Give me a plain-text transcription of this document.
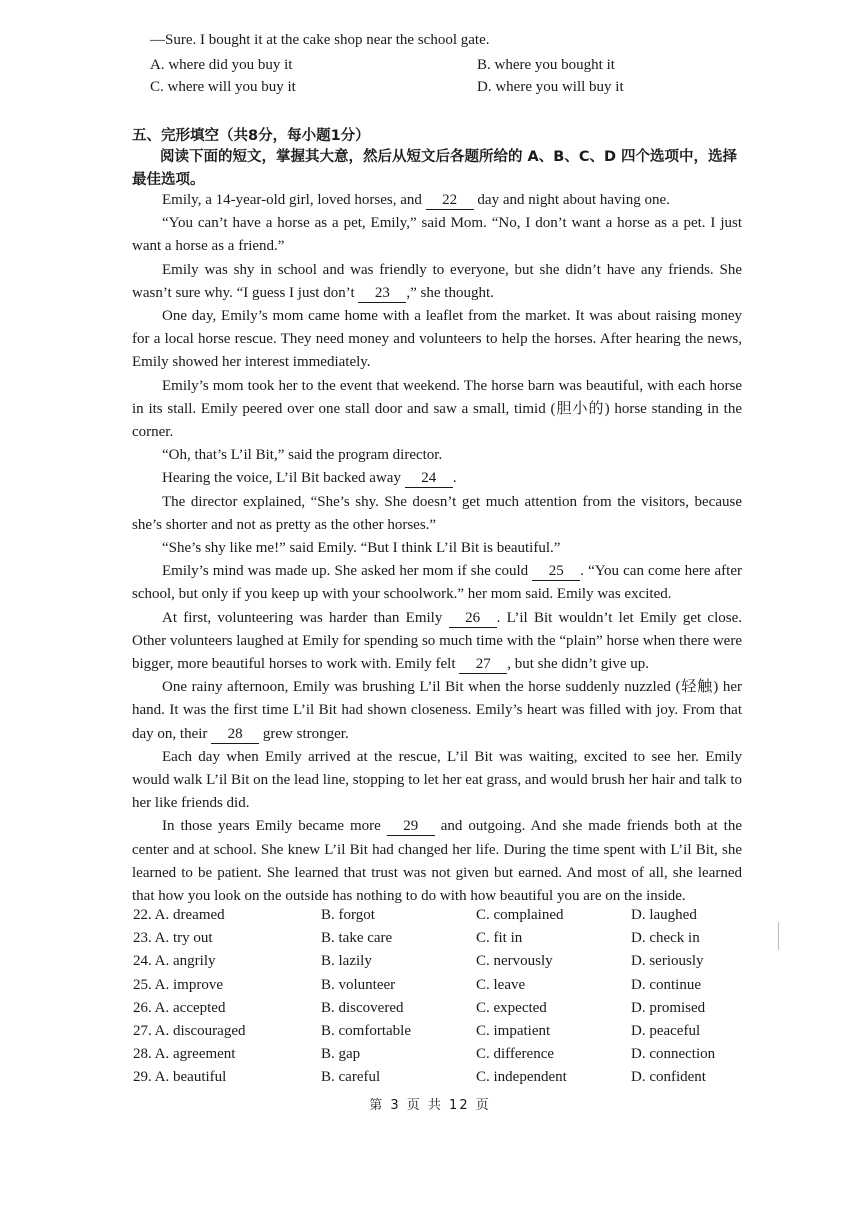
—Sure. I bought it at the cake shop near the school gate.
A. where did you buy it	B. where you bought it
C. where will you buy it	D. where you will buy it
五、完形填空（共8分，每小题1分）
阅读下面的短文，掌握其大意，然后从短文后各题所给的 A、B、C、D 四个选项中，选择最佳选项。

Emily, a 14-year-old girl, loved horses, and 22 day and night about having one.

“You can’t have a horse as a pet, Emily,” said Mom. “No, I don’t want a horse as a pet. I just want a horse as a friend.”

Emily was shy in school and was friendly to everyone, but she didn’t have any friends. She wasn’t sure why. “I guess I just don’t 23 ,” she thought.

One day, Emily’s mom came home with a leaflet from the market. It was about raising money for a local horse rescue. They need money and volunteers to help the horses. After hearing the news, Emily showed her interest immediately.

Emily’s mom took her to the event that weekend. The horse barn was beautiful, with each horse in its stall. Emily peered over one stall door and saw a small, timid (胆小的) horse standing in the corner.

“Oh, that’s L’il Bit,” said the program director.

Hearing the voice, L’il Bit backed away 24 .

The director explained, “She’s shy. She doesn’t get much attention from the visitors, because she’s shorter and not as pretty as the other horses.”

“She’s shy like me!” said Emily. “But I think L’il Bit is beautiful.”

Emily’s mind was made up. She asked her mom if she could 25 . “You can come here after school, but only if you keep up with your schoolwork.” her mom said. Emily was excited.

At first, volunteering was harder than Emily 26 . L’il Bit wouldn’t let Emily get close. Other volunteers laughed at Emily for spending so much time with the “plain” horse when there were bigger, more beautiful horses to work with. Emily felt 27 , but she didn’t give up.

One rainy afternoon, Emily was brushing L’il Bit when the horse suddenly nuzzled (轻触) her hand. It was the first time L’il Bit had shown closeness. Emily’s heart was filled with joy. From that day on, their 28 grew stronger.

Each day when Emily arrived at the rescue, L’il Bit was waiting, excited to see her. Emily would walk L’il Bit on the lead line, stopping to let her eat grass, and would brush her hair and talk to her like friends did.

In those years Emily became more 29 and outgoing. And she made friends both at the center and at school. She knew L’il Bit had changed her life. During the time spent with L’il Bit, she learned to be patient. She learned that trust was not given but earned. And most of all, she learned that how you look on the outside has nothing to do with how beautiful you are on the inside.

22. A. dreamed	B. forgot	C. complained	D. laughed
23. A. try out	B. take care	C. fit in	D. check in
24. A. angrily	B. lazily	C. nervously	D. seriously
25. A. improve	B. volunteer	C. leave	D. continue
26. A. accepted	B. discovered	C. expected	D. promised
27. A. discouraged	B. comfortable	C. impatient	D. peaceful
28. A. agreement	B. gap	C. difference	D. connection
29. A. beautiful	B. careful	C. independent	D. confident
第 3 页 共 12 页
